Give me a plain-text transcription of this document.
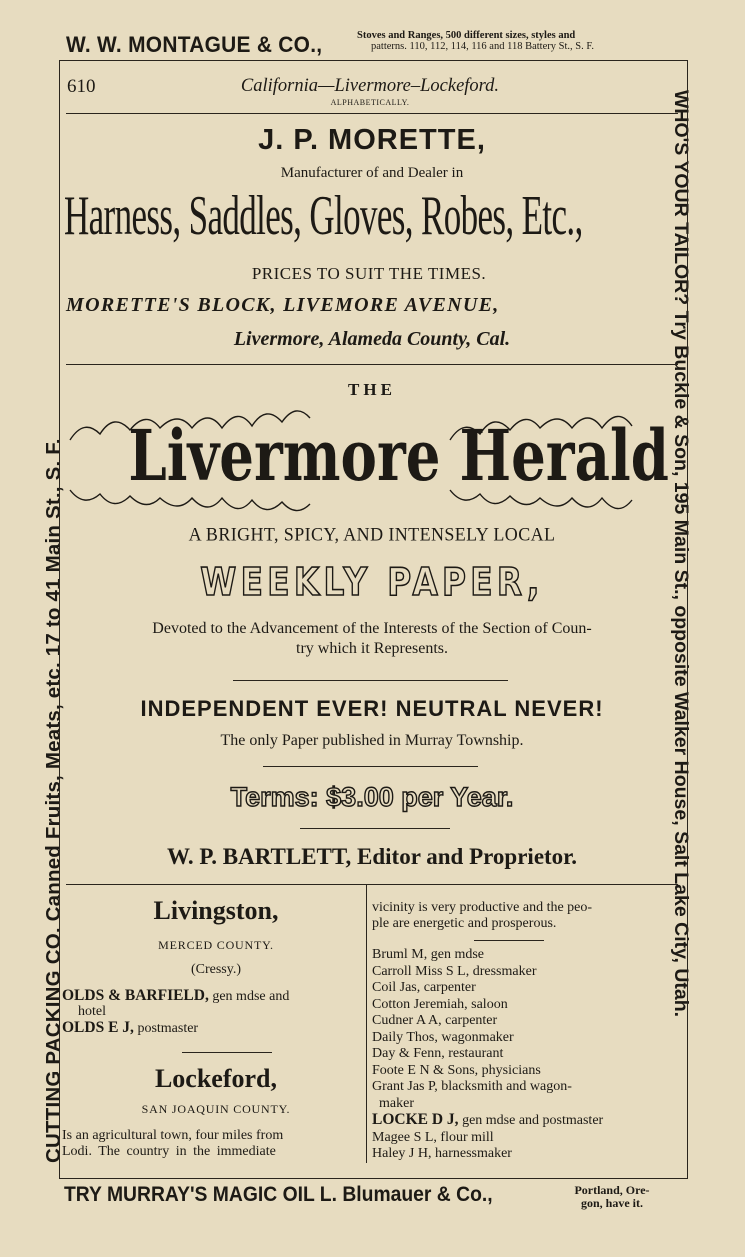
W. W. MONTAGUE & CO.,	Stoves and Ranges, 500 different sizes, styles and
patterns. 110, 112, 114, 116 and 118 Battery St., S. F.
CUTTING PACKING CO. Canned Fruits, Meats, etc. 17 to 41 Main St., S. F.	WHO'S YOUR TAILOR? Try Buckle & Son, 195 Main St., opposite Walker House, Salt Lake City, Utah.
610	California—Livermore–Lockeford.
ALPHABETICALLY.
J. P. MORETTE,
Manufacturer of and Dealer in
Harness, Saddles, Gloves, Robes, Etc.,
PRICES TO SUIT THE TIMES.
MORETTE'S BLOCK, LIVEMORE AVENUE,
Livermore, Alameda County, Cal.
THE
Livermore Herald
A BRIGHT, SPICY, AND INTENSELY LOCAL
WEEKLY PAPER,
Devoted to the Advancement of the Interests of the Section of Coun-
try which it Represents.
INDEPENDENT EVER! NEUTRAL NEVER!
The only Paper published in Murray Township.
Terms: $3.00 per Year.
W. P. BARTLETT, Editor and Proprietor.
Livingston,
MERCED COUNTY.
(Cressy.)
OLDS & BARFIELD, gen mdse and
hotel
OLDS E J, postmaster
Lockeford,
SAN JOAQUIN COUNTY.
Is an agricultural town, four miles from
Lodi. The country in the immediate
vicinity is very productive and the peo-
ple are energetic and prosperous.
Bruml M, gen mdse
Carroll Miss S L, dressmaker
Coil Jas, carpenter
Cotton Jeremiah, saloon
Cudner A A, carpenter
Daily Thos, wagonmaker
Day & Fenn, restaurant
Foote E N & Sons, physicians
Grant Jas P, blacksmith and wagon-
maker
LOCKE D J, gen mdse and postmaster
Magee S L, flour mill
Haley J H, harnessmaker
TRY MURRAY'S MAGIC OIL L. Blumauer & Co.,	Portland, Ore-
gon, have it.
